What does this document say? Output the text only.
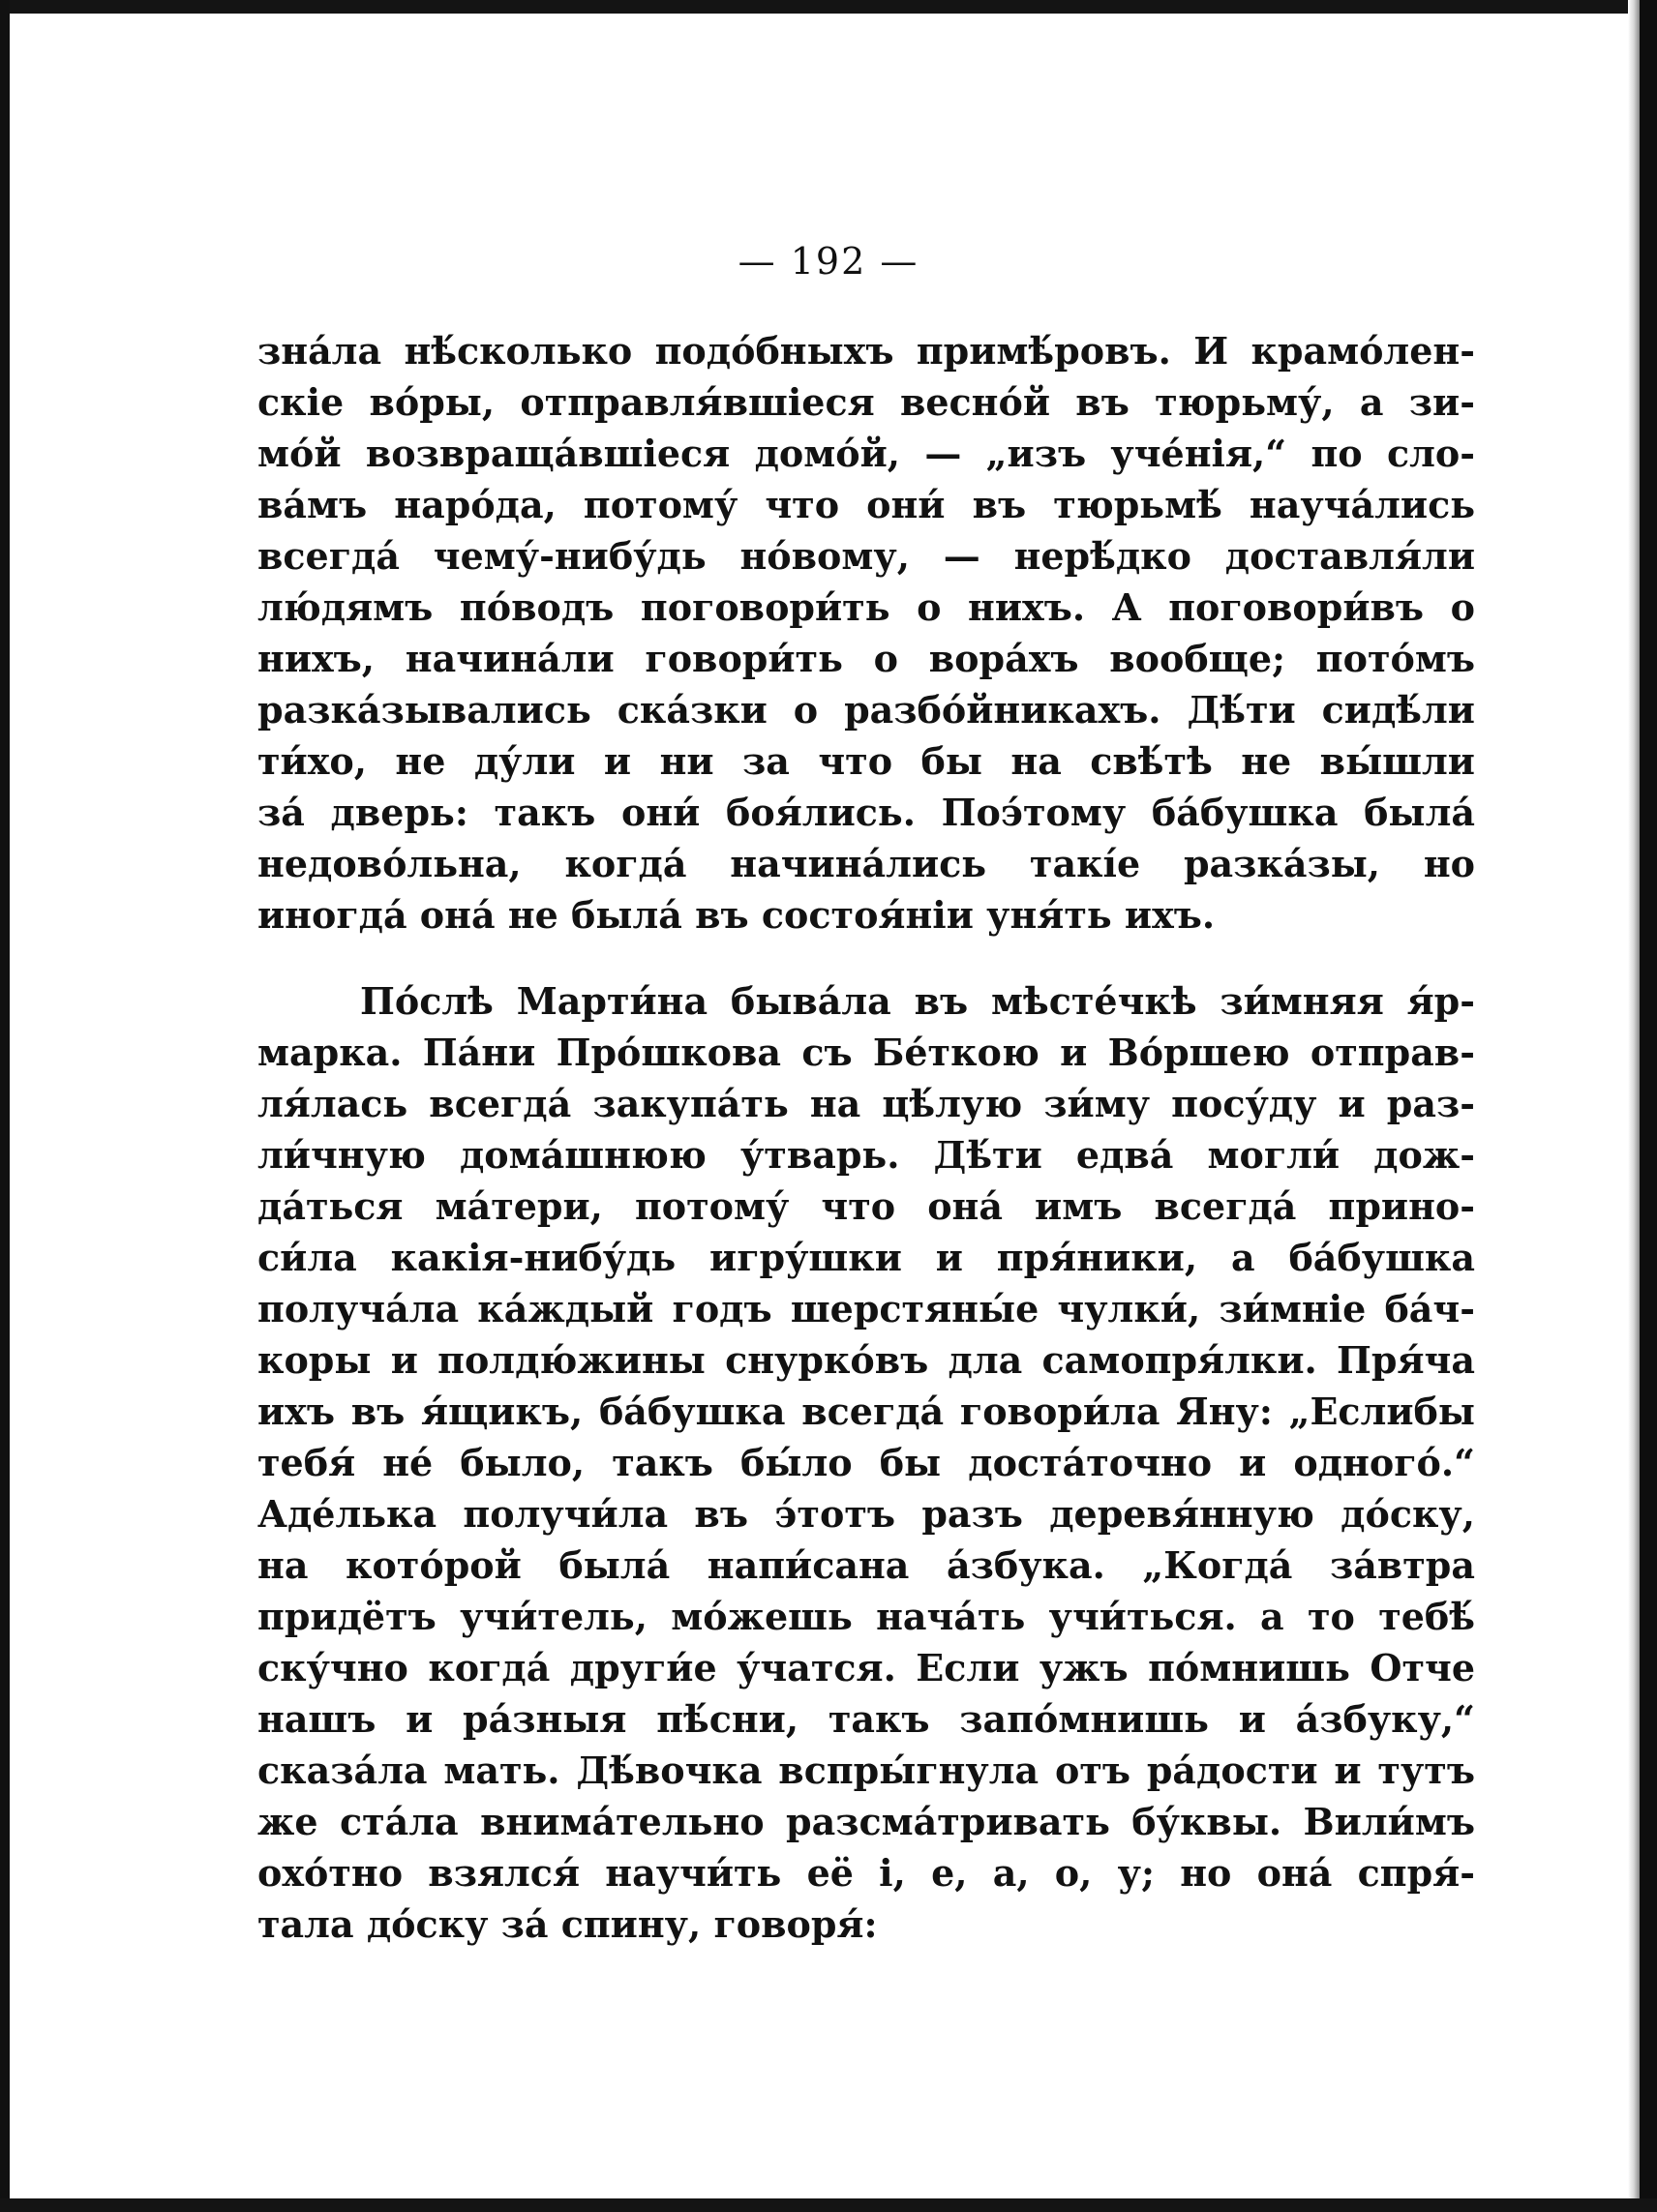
— 192 —
зна́ла нѣ́сколько подо́бныхъ примѣ́ровъ. И крамо́лен-
скіе во́ры, отправля́вшіеся весно́й въ тюрьму́, а зи-
мо́й возвраща́вшіеся домо́й, — „изъ уче́нія,“ по сло-
ва́мъ наро́да, потому́ что они́ въ тюрьмѣ́ науча́лись
всегда́ чему́-нибу́дь но́вому, — нерѣ́дко доставля́ли
лю́дямъ по́водъ поговори́ть о нихъ. А поговори́въ о
нихъ, начина́ли говори́ть о вора́хъ вообще; пото́мъ
разка́зывались ска́зки о разбо́йникахъ. Дѣ́ти сидѣ́ли
ти́хо, не ду́ли и ни за что бы на свѣ́тѣ не вы́шли
за́ дверь: такъ они́ боя́лись. Поэ́тому ба́бушка была́
недово́льна, когда́ начина́лись такі́е разка́зы, но
иногда́ она́ не была́ въ состоя́ніи уня́ть ихъ.
По́слѣ Марти́на быва́ла въ мѣсте́чкѣ зи́мняя я́р-
марка. Па́ни Про́шкова съ Бе́ткою и Во́ршею отправ-
ля́лась всегда́ закупа́ть на цѣ́лую зи́му посу́ду и раз-
ли́чную дома́шнюю у́тварь. Дѣ́ти едва́ могли́ дож-
да́ться ма́тери, потому́ что она́ имъ всегда́ прино-
си́ла какія-нибу́дь игру́шки и пря́ники, а ба́бушка
получа́ла ка́ждый годъ шерстяны́е чулки́, зи́мніе ба́ч-
коры и полдю́жины снурко́въ дла самопря́лки. Пря́ча
ихъ въ я́щикъ, ба́бушка всегда́ говори́ла Яну: „Еслибы
тебя́ не́ было, такъ бы́ло бы доста́точно и одного́.“
Аде́лька получи́ла въ э́тотъ разъ деревя́нную до́ску,
на кото́рой была́ напи́сана а́збука. „Когда́ за́втра
придётъ учи́тель, мо́жешь нача́ть учи́ться. а то тебѣ́
ску́чно когда́ други́е у́чатся. Если ужъ по́мнишь Отче
нашъ и ра́зныя пѣ́сни, такъ запо́мнишь и а́збуку,“
сказа́ла мать. Дѣ́вочка вспры́гнула отъ ра́дости и тутъ
же ста́ла внима́тельно разсма́тривать бу́квы. Вили́мъ
охо́тно взялся́ научи́ть её і, е, а, о, у; но она́ спря́-
тала до́ску за́ спину, говоря́:
